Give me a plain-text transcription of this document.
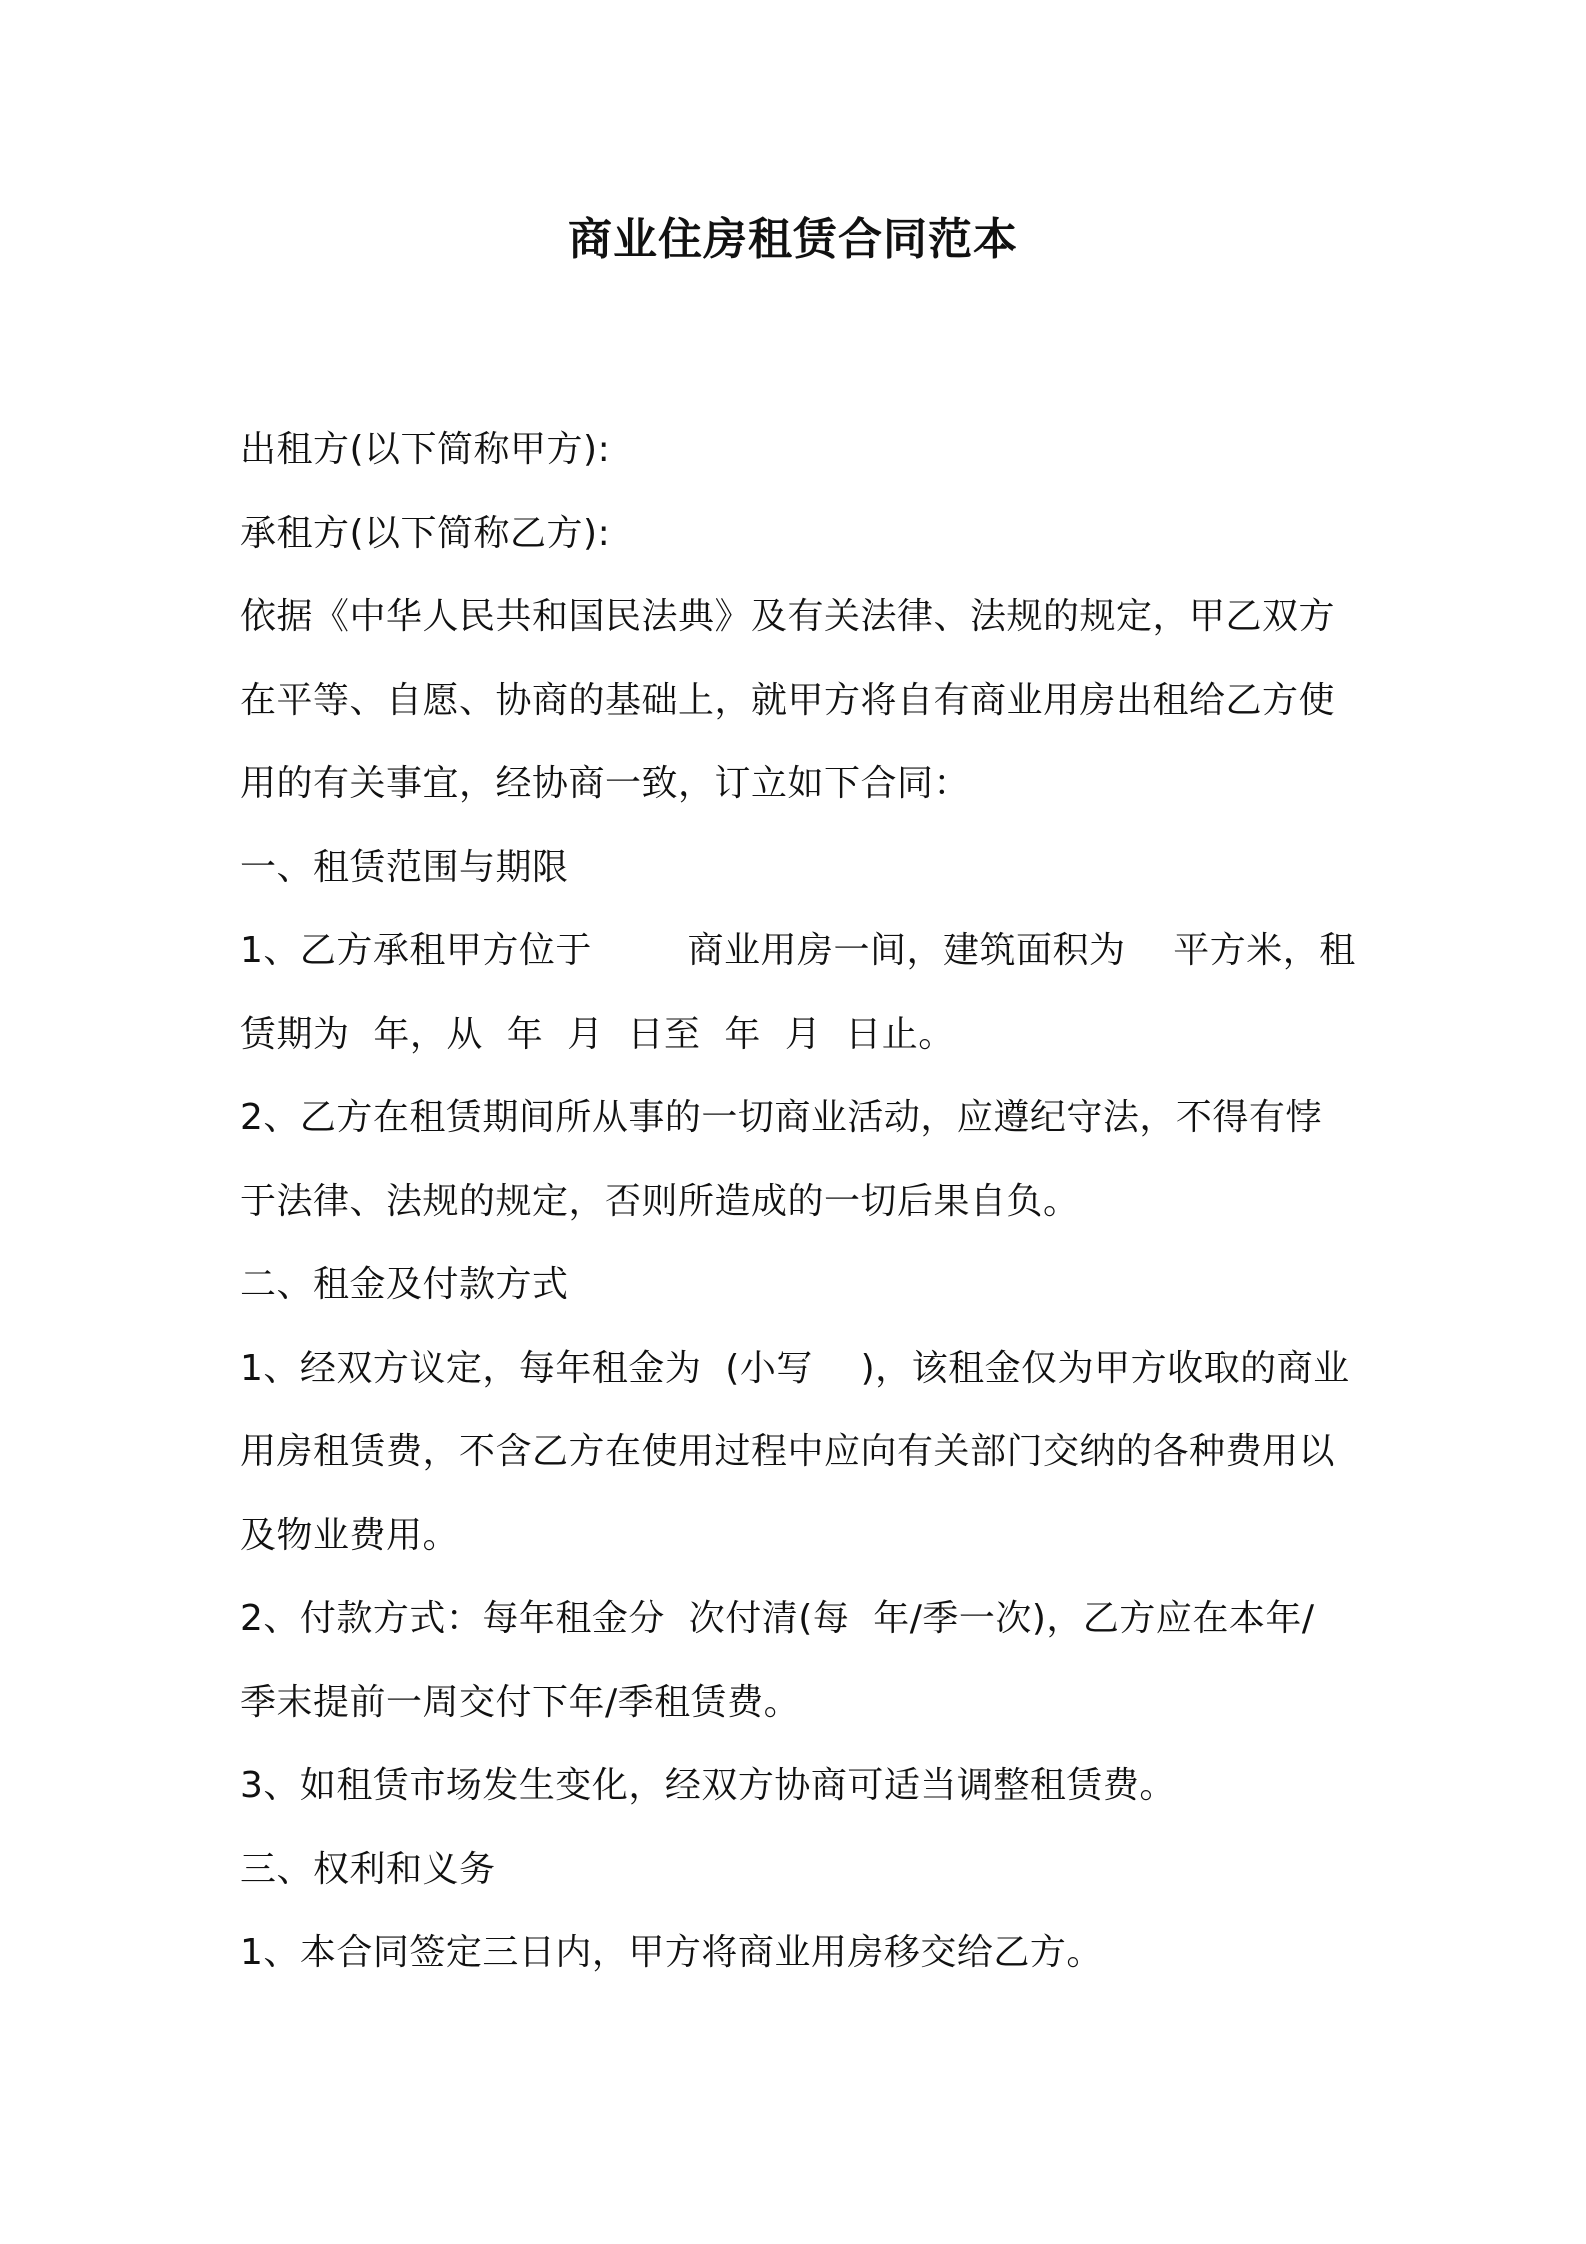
商业住房租赁合同范本
出租方(以下简称甲方):
承租方(以下简称乙方):
依据《中华人民共和国民法典》及有关法律、法规的规定，甲乙双方
在平等、自愿、协商的基础上，就甲方将自有商业用房出租给乙方使
用的有关事宜，经协商一致，订立如下合同：
一、租赁范围与期限
1、乙方承租甲方位于        商业用房一间，建筑面积为    平方米，租
赁期为  年，从  年  月  日至  年  月  日止。
2、乙方在租赁期间所从事的一切商业活动，应遵纪守法，不得有悖
于法律、法规的规定，否则所造成的一切后果自负。
二、租金及付款方式
1、经双方议定，每年租金为  (小写    )，该租金仅为甲方收取的商业
用房租赁费，不含乙方在使用过程中应向有关部门交纳的各种费用以
及物业费用。
2、付款方式：每年租金分  次付清(每  年/季一次)，乙方应在本年/
季末提前一周交付下年/季租赁费。
3、如租赁市场发生变化，经双方协商可适当调整租赁费。
三、权利和义务
1、本合同签定三日内，甲方将商业用房移交给乙方。
